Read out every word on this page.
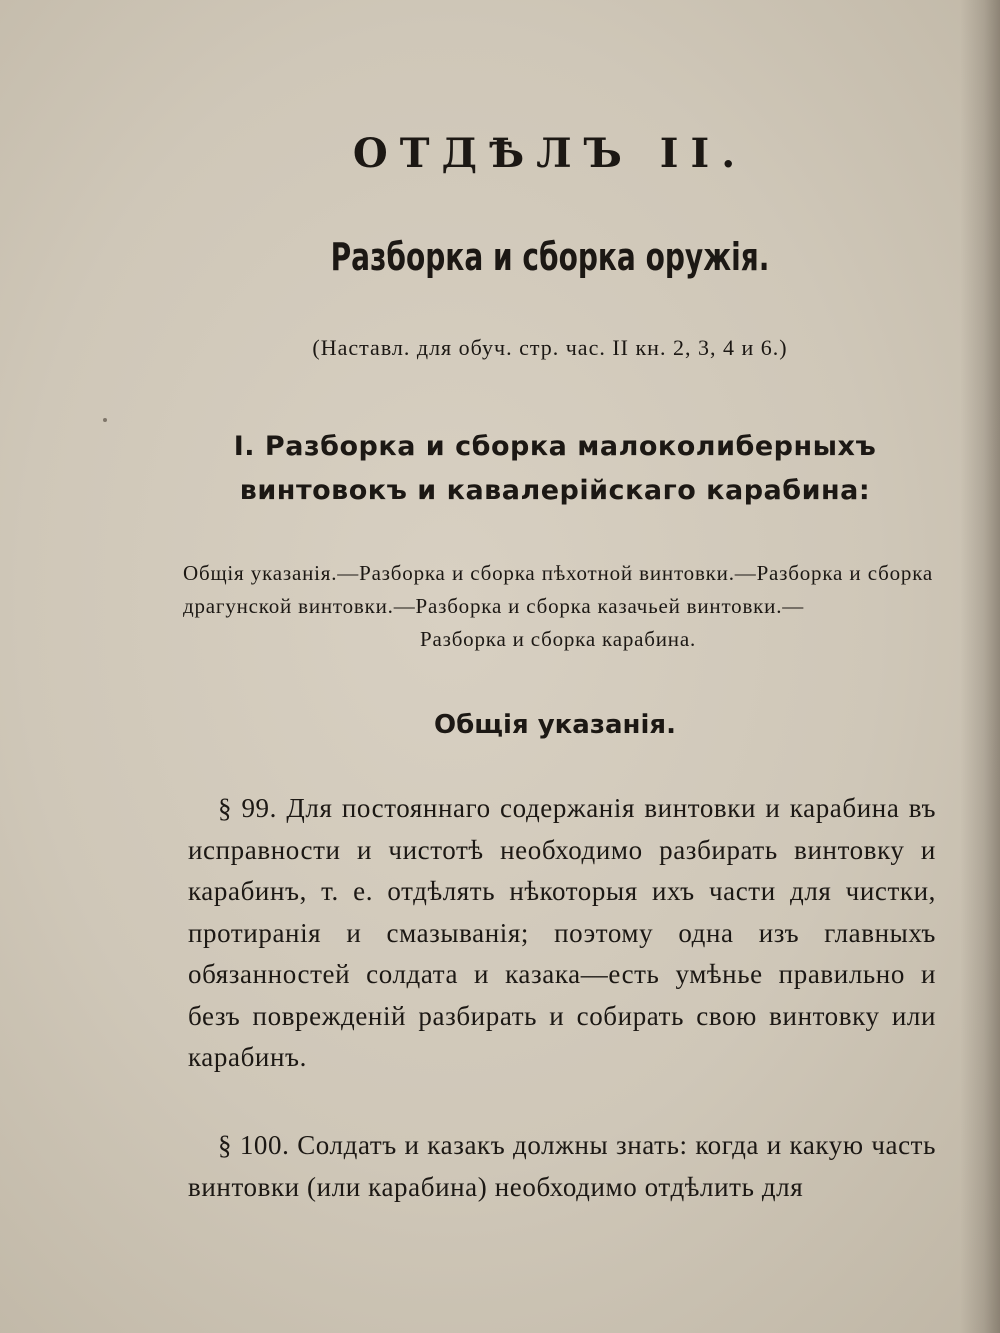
ОТДѢЛЪ II.
Разборка и сборка оружія.

(Наставл. для обуч. стр. час. II кн. 2, 3, 4 и 6.)

I. Разборка и сборка малоколиберныхъ винтовокъ и кавалерійскаго карабина:

Общія указанія.—Разборка и сборка пѣхотной винтовки.—Разборка и сборка драгунской винтовки.—Разборка и сборка казачьей винтовки.—
Разборка и сборка карабина.

Общія указанія.

§ 99. Для постояннаго содержанія винтовки и карабина въ исправности и чистотѣ необходимо разбирать винтовку и карабинъ, т. е. отдѣлять нѣкоторыя ихъ части для чистки, протиранія и смазыванія; поэтому одна изъ главныхъ обязанностей солдата и казака—есть умѣнье правильно и безъ поврежденій разбирать и собирать свою винтовку или карабинъ.

§ 100. Солдатъ и казакъ должны знать: когда и какую часть винтовки (или карабина) необходимо отдѣлить для
